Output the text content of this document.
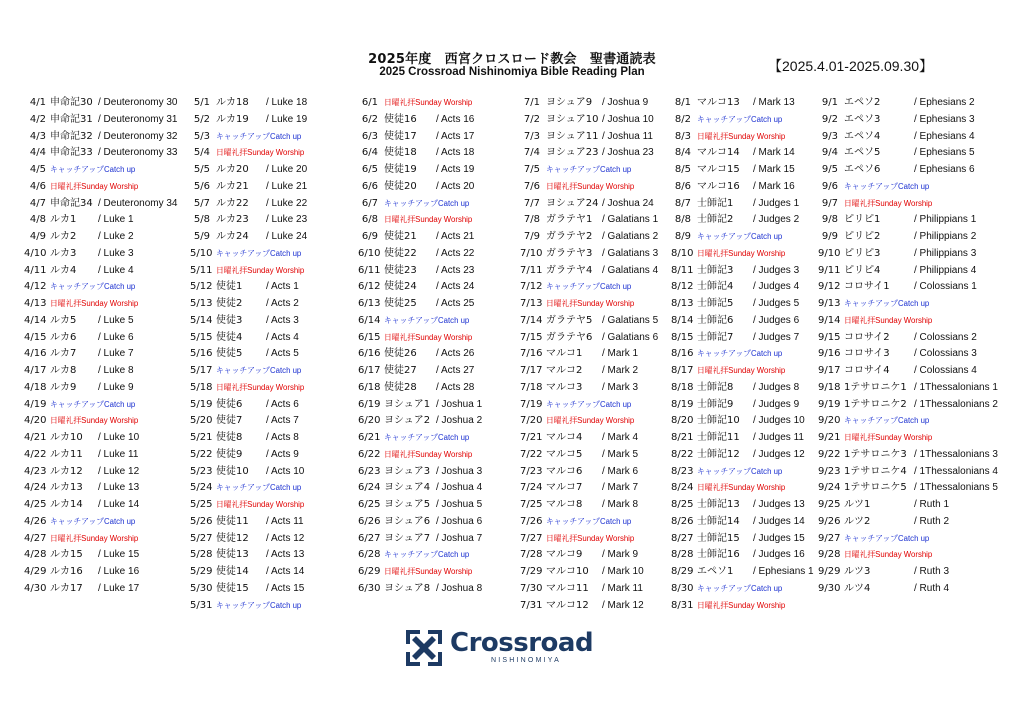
2025年度　西宮クロスロード教会　聖書通読表
2025 Crossroad Nishinomiya Bible Reading Plan	【2025.4.01-2025.09.30】
4/1 申命記30 / Deuteronomy 30
4/2 申命記31 / Deuteronomy 31
4/3 申命記32 / Deuteronomy 32
4/4 申命記33 / Deuteronomy 33
4/5 キャッチアップCatch up
4/6 日曜礼拝Sunday Worship
4/7 申命記34 / Deuteronomy 34
4/8 ルカ1 / Luke 1
4/9 ルカ2 / Luke 2
4/10 ルカ3 / Luke 3
4/11 ルカ4 / Luke 4
4/12 キャッチアップCatch up
4/13 日曜礼拝Sunday Worship
4/14 ルカ5 / Luke 5
4/15 ルカ6 / Luke 6
4/16 ルカ7 / Luke 7
4/17 ルカ8 / Luke 8
4/18 ルカ9 / Luke 9
4/19 キャッチアップCatch up
4/20 日曜礼拝Sunday Worship
4/21 ルカ10 / Luke 10
4/22 ルカ11 / Luke 11
4/23 ルカ12 / Luke 12
4/24 ルカ13 / Luke 13
4/25 ルカ14 / Luke 14
4/26 キャッチアップCatch up
4/27 日曜礼拝Sunday Worship
4/28 ルカ15 / Luke 15
4/29 ルカ16 / Luke 16
4/30 ルカ17 / Luke 17
5/1 ルカ18 / Luke 18
5/2 ルカ19 / Luke 19
5/3 キャッチアップCatch up
5/4 日曜礼拝Sunday Worship
5/5 ルカ20 / Luke 20
5/6 ルカ21 / Luke 21
5/7 ルカ22 / Luke 22
5/8 ルカ23 / Luke 23
5/9 ルカ24 / Luke 24
5/10 キャッチアップCatch up
5/11 日曜礼拝Sunday Worship
5/12 使徒1 / Acts 1
5/13 使徒2 / Acts 2
5/14 使徒3 / Acts 3
5/15 使徒4 / Acts 4
5/16 使徒5 / Acts 5
5/17 キャッチアップCatch up
5/18 日曜礼拝Sunday Worship
5/19 使徒6 / Acts 6
5/20 使徒7 / Acts 7
5/21 使徒8 / Acts 8
5/22 使徒9 / Acts 9
5/23 使徒10 / Acts 10
5/24 キャッチアップCatch up
5/25 日曜礼拝Sunday Worship
5/26 使徒11 / Acts 11
5/27 使徒12 / Acts 12
5/28 使徒13 / Acts 13
5/29 使徒14 / Acts 14
5/30 使徒15 / Acts 15
5/31 キャッチアップCatch up
6/1 日曜礼拝Sunday Worship
6/2 使徒16 / Acts 16
6/3 使徒17 / Acts 17
6/4 使徒18 / Acts 18
6/5 使徒19 / Acts 19
6/6 使徒20 / Acts 20
6/7 キャッチアップCatch up
6/8 日曜礼拝Sunday Worship
6/9 使徒21 / Acts 21
6/10 使徒22 / Acts 22
6/11 使徒23 / Acts 23
6/12 使徒24 / Acts 24
6/13 使徒25 / Acts 25
6/14 キャッチアップCatch up
6/15 日曜礼拝Sunday Worship
6/16 使徒26 / Acts 26
6/17 使徒27 / Acts 27
6/18 使徒28 / Acts 28
6/19 ヨシュア1 / Joshua 1
6/20 ヨシュア2 / Joshua 2
6/21 キャッチアップCatch up
6/22 日曜礼拝Sunday Worship
6/23 ヨシュア3 / Joshua 3
6/24 ヨシュア4 / Joshua 4
6/25 ヨシュア5 / Joshua 5
6/26 ヨシュア6 / Joshua 6
6/27 ヨシュア7 / Joshua 7
6/28 キャッチアップCatch up
6/29 日曜礼拝Sunday Worship
6/30 ヨシュア8 / Joshua 8
7/1 ヨシュア9 / Joshua 9
7/2 ヨシュア10 / Joshua 10
7/3 ヨシュア11 / Joshua 11
7/4 ヨシュア23 / Joshua 23
7/5 キャッチアップCatch up
7/6 日曜礼拝Sunday Worship
7/7 ヨシュア24 / Joshua 24
7/8 ガラテヤ1 / Galatians 1
7/9 ガラテヤ2 / Galatians 2
7/10 ガラテヤ3 / Galatians 3
7/11 ガラテヤ4 / Galatians 4
7/12 キャッチアップCatch up
7/13 日曜礼拝Sunday Worship
7/14 ガラテヤ5 / Galatians 5
7/15 ガラテヤ6 / Galatians 6
7/16 マルコ1 / Mark 1
7/17 マルコ2 / Mark 2
7/18 マルコ3 / Mark 3
7/19 キャッチアップCatch up
7/20 日曜礼拝Sunday Worship
7/21 マルコ4 / Mark 4
7/22 マルコ5 / Mark 5
7/23 マルコ6 / Mark 6
7/24 マルコ7 / Mark 7
7/25 マルコ8 / Mark 8
7/26 キャッチアップCatch up
7/27 日曜礼拝Sunday Worship
7/28 マルコ9 / Mark 9
7/29 マルコ10 / Mark 10
7/30 マルコ11 / Mark 11
7/31 マルコ12 / Mark 12
8/1 マルコ13 / Mark 13
8/2 キャッチアップCatch up
8/3 日曜礼拝Sunday Worship
8/4 マルコ14 / Mark 14
8/5 マルコ15 / Mark 15
8/6 マルコ16 / Mark 16
8/7 士師記1 / Judges 1
8/8 士師記2 / Judges 2
8/9 キャッチアップCatch up
8/10 日曜礼拝Sunday Worship
8/11 士師記3 / Judges 3
8/12 士師記4 / Judges 4
8/13 士師記5 / Judges 5
8/14 士師記6 / Judges 6
8/15 士師記7 / Judges 7
8/16 キャッチアップCatch up
8/17 日曜礼拝Sunday Worship
8/18 士師記8 / Judges 8
8/19 士師記9 / Judges 9
8/20 士師記10 / Judges 10
8/21 士師記11 / Judges 11
8/22 士師記12 / Judges 12
8/23 キャッチアップCatch up
8/24 日曜礼拝Sunday Worship
8/25 士師記13 / Judges 13
8/26 士師記14 / Judges 14
8/27 士師記15 / Judges 15
8/28 士師記16 / Judges 16
8/29 エペソ1 / Ephesians 1
8/30 キャッチアップCatch up
8/31 日曜礼拝Sunday Worship
9/1 エペソ2	/ Ephesians 2
9/2 エペソ3	/ Ephesians 3
9/3 エペソ4	/ Ephesians 4
9/4 エペソ5	/ Ephesians 5
9/5 エペソ6	/ Ephesians 6
9/6 キャッチアップCatch up
9/7 日曜礼拝Sunday Worship
9/8 ピリピ1	/ Philippians 1
9/9 ピリピ2	/ Philippians 2
9/10 ピリピ3	/ Philippians 3
9/11 ピリピ4	/ Philippians 4
9/12 コロサイ1 / Colossians 1
9/13 キャッチアップCatch up
9/14 日曜礼拝Sunday Worship
9/15 コロサイ2 / Colossians 2
9/16 コロサイ3 / Colossians 3
9/17 コロサイ4 / Colossians 4
9/18 1テサロニケ1 / 1Thessalonians 1
9/19 1テサロニケ2 / 1Thessalonians 2
9/20 キャッチアップCatch up
9/21 日曜礼拝Sunday Worship
9/22 1テサロニケ3 / 1Thessalonians 3
9/23 1テサロニケ4 / 1Thessalonians 4
9/24 1テサロニケ5 / 1Thessalonians 5
9/25 ルツ1	/ Ruth 1
9/26 ルツ2	/ Ruth 2
9/27 キャッチアップCatch up
9/28 日曜礼拝Sunday Worship
9/29 ルツ3	/ Ruth 3
9/30 ルツ4	/ Ruth 4
Crossroad
NISHINOMIYA
